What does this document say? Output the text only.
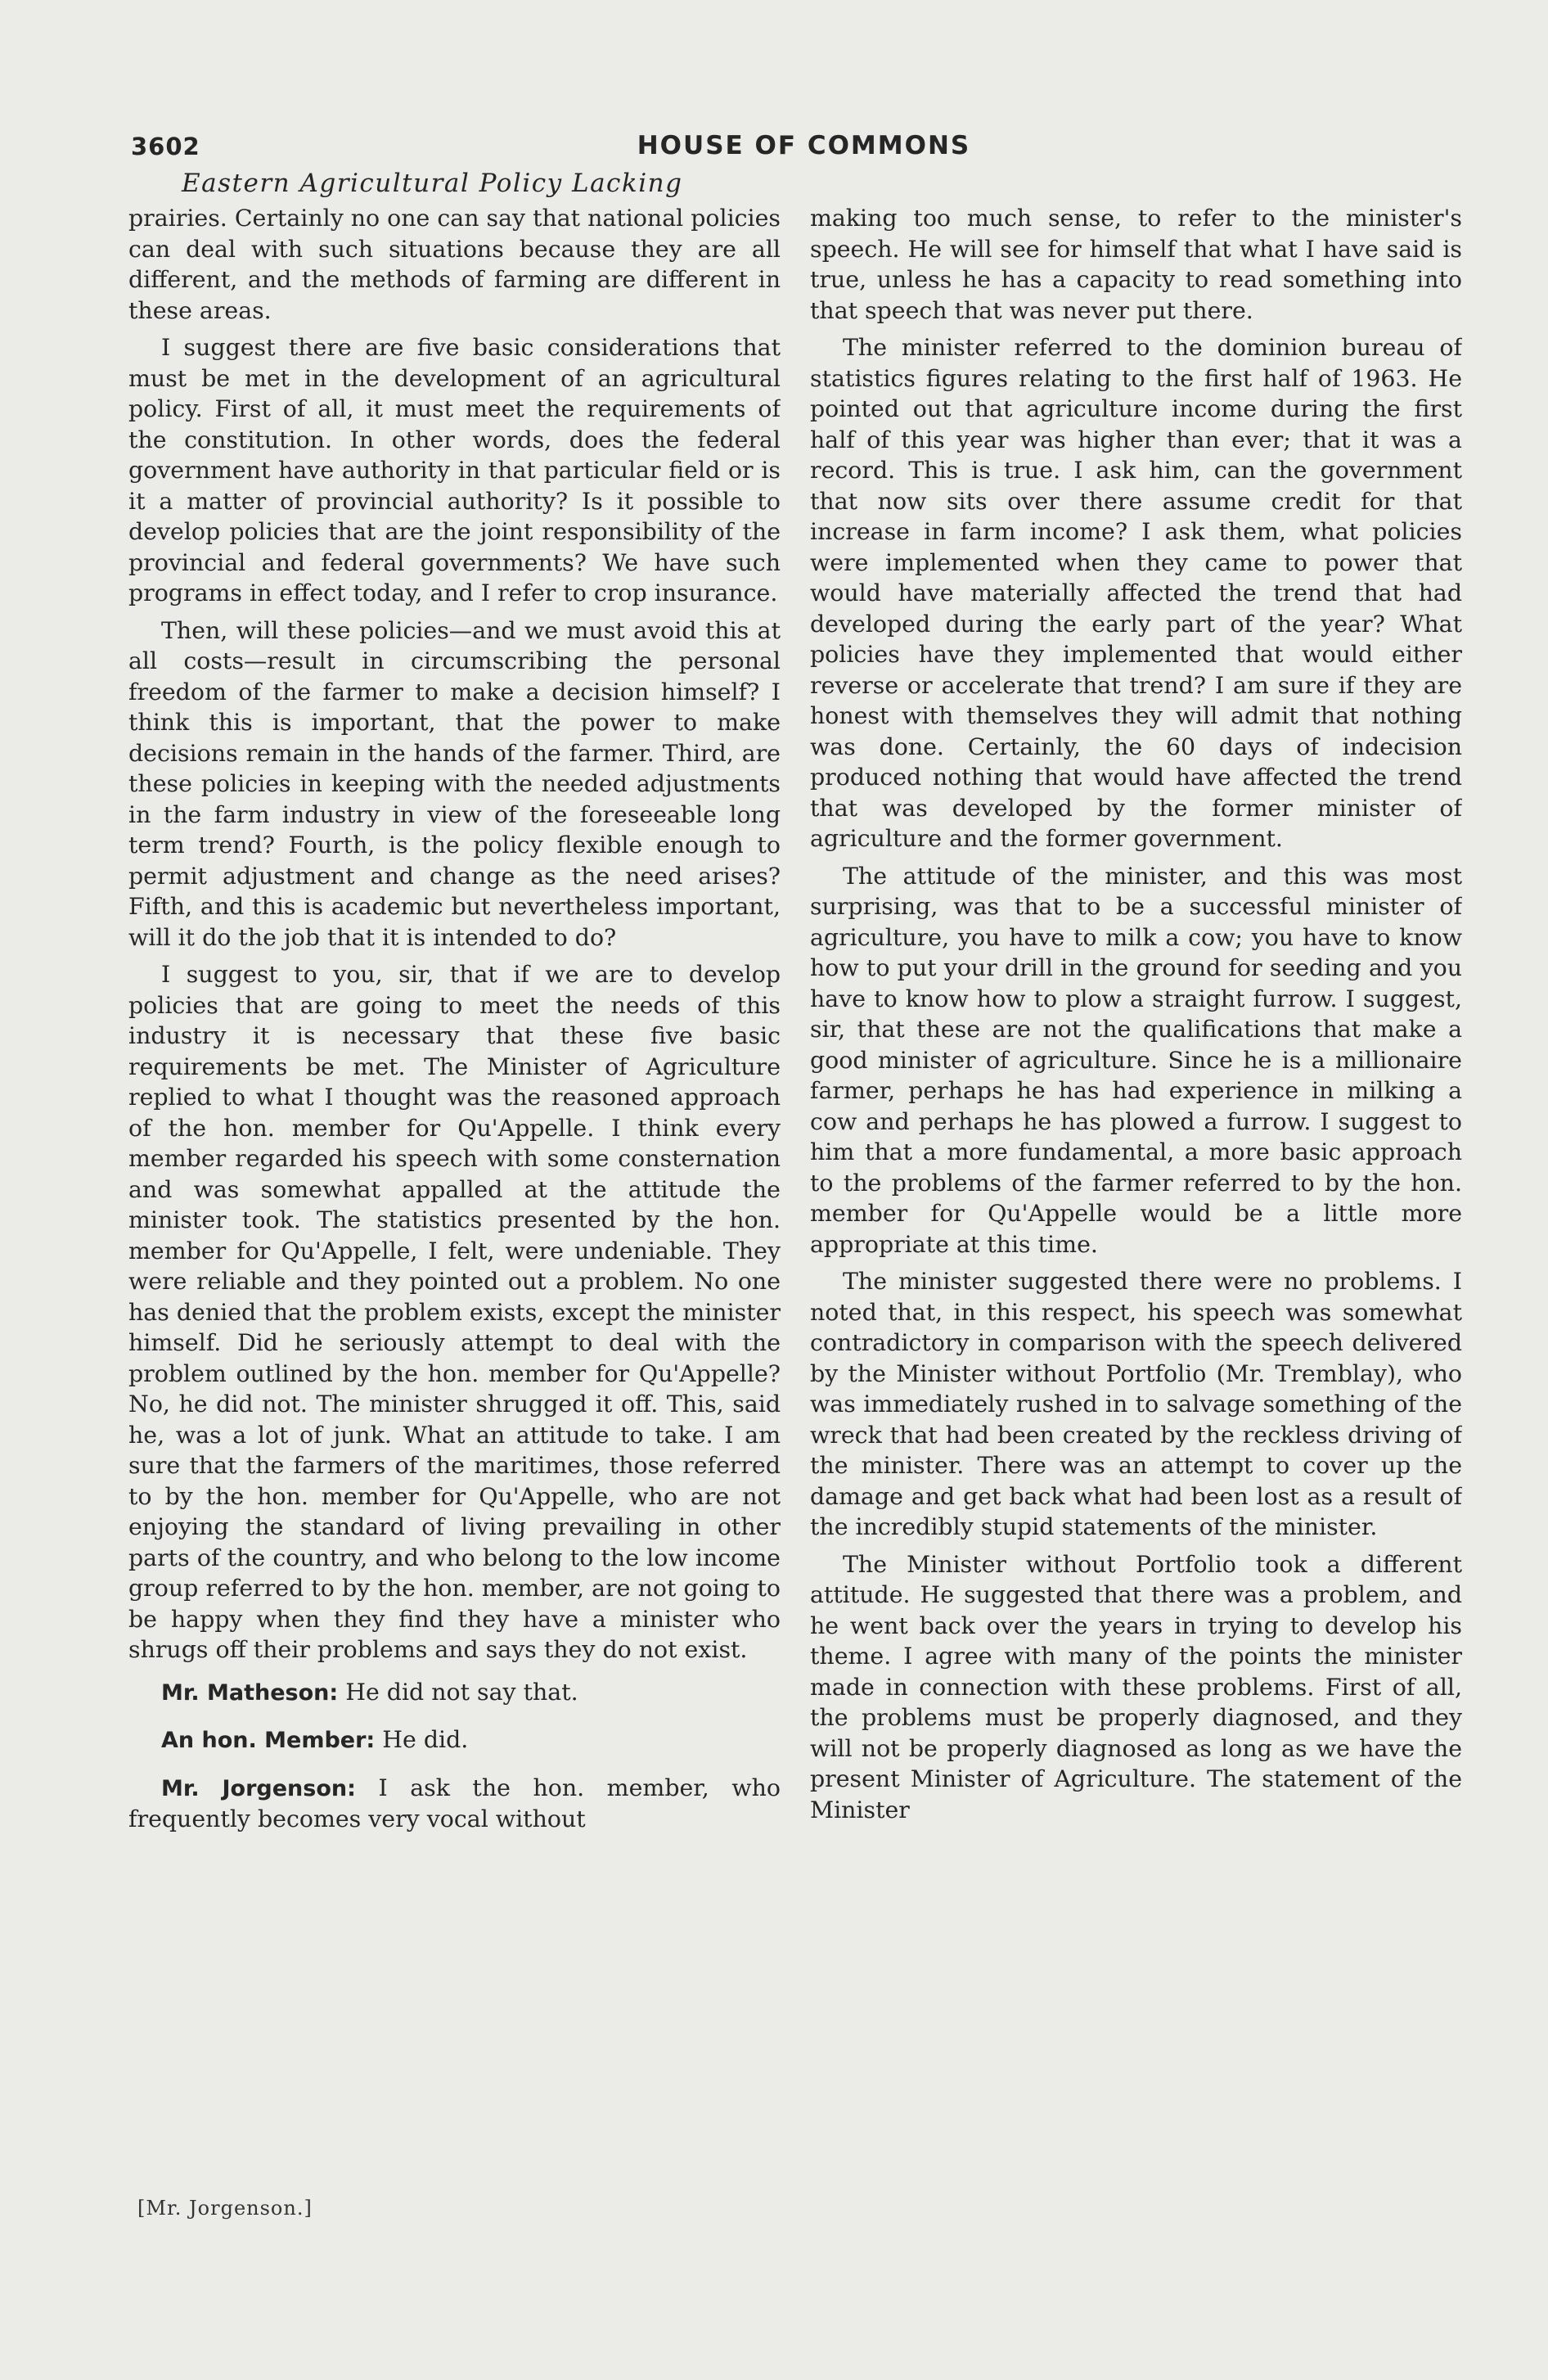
3602	HOUSE OF COMMONS
Eastern Agricultural Policy Lacking

prairies. Certainly no one can say that national policies can deal with such situations because they are all different, and the methods of farming are different in these areas.

I suggest there are five basic considerations that must be met in the development of an agricultural policy. First of all, it must meet the requirements of the constitution. In other words, does the federal government have authority in that particular field or is it a matter of provincial authority? Is it possible to develop policies that are the joint responsibility of the provincial and federal governments? We have such programs in effect today, and I refer to crop insurance.

Then, will these policies—and we must avoid this at all costs—result in circumscribing the personal freedom of the farmer to make a decision himself? I think this is important, that the power to make decisions remain in the hands of the farmer. Third, are these policies in keeping with the needed adjustments in the farm industry in view of the foreseeable long term trend? Fourth, is the policy flexible enough to permit adjustment and change as the need arises? Fifth, and this is academic but nevertheless important, will it do the job that it is intended to do?

I suggest to you, sir, that if we are to develop policies that are going to meet the needs of this industry it is necessary that these five basic requirements be met. The Minister of Agriculture replied to what I thought was the reasoned approach of the hon. member for Qu'Appelle. I think every member regarded his speech with some consternation and was somewhat appalled at the attitude the minister took. The statistics presented by the hon. member for Qu'Appelle, I felt, were undeniable. They were reliable and they pointed out a problem. No one has denied that the problem exists, except the minister himself. Did he seriously attempt to deal with the problem outlined by the hon. member for Qu'Appelle? No, he did not. The minister shrugged it off. This, said he, was a lot of junk. What an attitude to take. I am sure that the farmers of the maritimes, those referred to by the hon. member for Qu'Appelle, who are not enjoying the standard of living prevailing in other parts of the country, and who belong to the low income group referred to by the hon. member, are not going to be happy when they find they have a minister who shrugs off their problems and says they do not exist.

Mr. Matheson: He did not say that.

An hon. Member: He did.

Mr. Jorgenson: I ask the hon. member, who frequently becomes very vocal without

making too much sense, to refer to the minister's speech. He will see for himself that what I have said is true, unless he has a capacity to read something into that speech that was never put there.

The minister referred to the dominion bureau of statistics figures relating to the first half of 1963. He pointed out that agriculture income during the first half of this year was higher than ever; that it was a record. This is true. I ask him, can the government that now sits over there assume credit for that increase in farm income? I ask them, what policies were implemented when they came to power that would have materially affected the trend that had developed during the early part of the year? What policies have they implemented that would either reverse or accelerate that trend? I am sure if they are honest with themselves they will admit that nothing was done. Certainly, the 60 days of indecision produced nothing that would have affected the trend that was developed by the former minister of agriculture and the former government.

The attitude of the minister, and this was most surprising, was that to be a successful minister of agriculture, you have to milk a cow; you have to know how to put your drill in the ground for seeding and you have to know how to plow a straight furrow. I suggest, sir, that these are not the qualifications that make a good minister of agriculture. Since he is a millionaire farmer, perhaps he has had experience in milking a cow and perhaps he has plowed a furrow. I suggest to him that a more fundamental, a more basic approach to the problems of the farmer referred to by the hon. member for Qu'Appelle would be a little more appropriate at this time.

The minister suggested there were no problems. I noted that, in this respect, his speech was somewhat contradictory in comparison with the speech delivered by the Minister without Portfolio (Mr. Tremblay), who was immediately rushed in to salvage something of the wreck that had been created by the reckless driving of the minister. There was an attempt to cover up the damage and get back what had been lost as a result of the incredibly stupid statements of the minister.

The Minister without Portfolio took a different attitude. He suggested that there was a problem, and he went back over the years in trying to develop his theme. I agree with many of the points the minister made in connection with these problems. First of all, the problems must be properly diagnosed, and they will not be properly diagnosed as long as we have the present Minister of Agriculture. The statement of the Minister

[Mr. Jorgenson.]
